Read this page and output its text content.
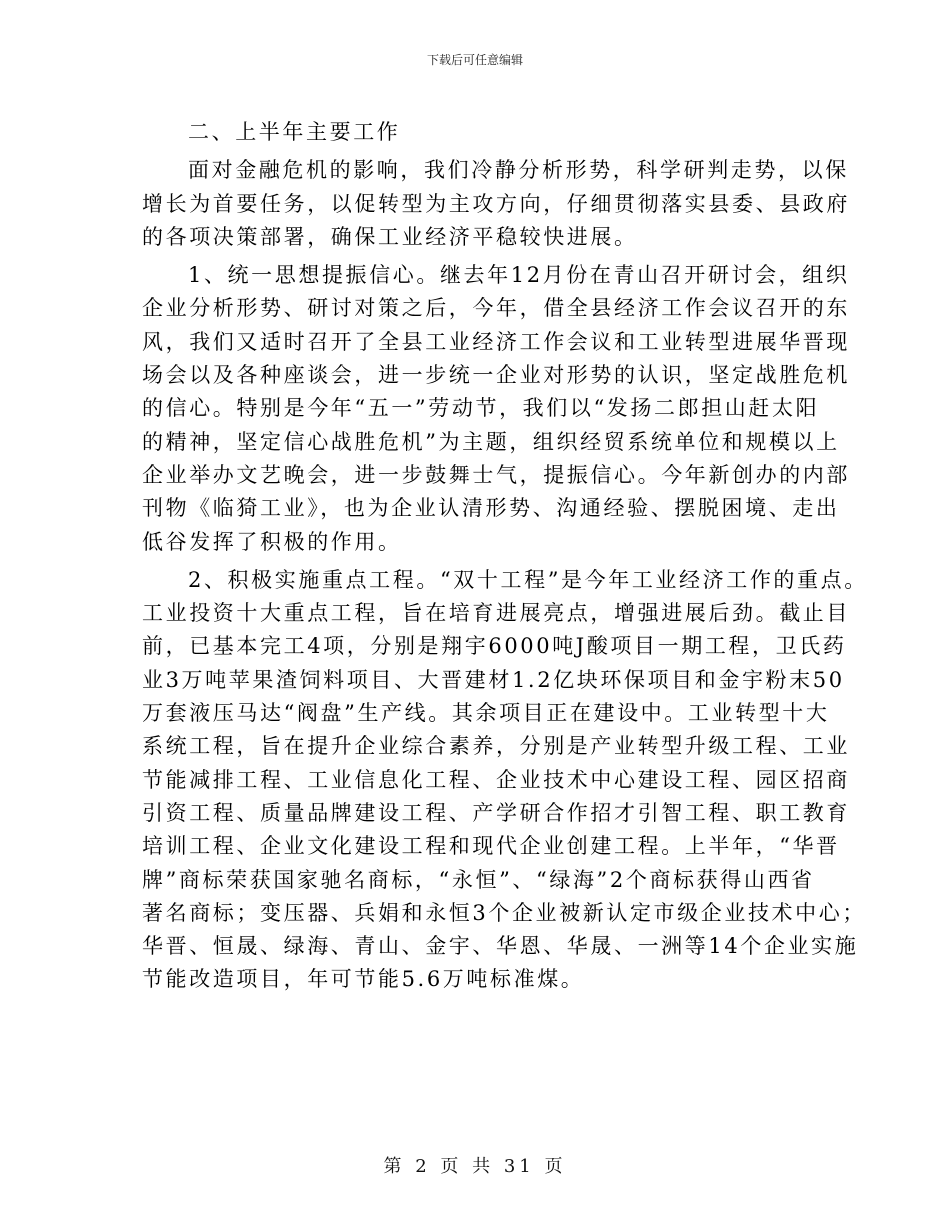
下载后可任意编辑
二、上半年主要工作
面对金融危机的影响，我们冷静分析形势，科学研判走势，以保
增长为首要任务，以促转型为主攻方向，仔细贯彻落实县委、县政府
的各项决策部署，确保工业经济平稳较快进展。
1、统一思想提振信心。继去年12月份在青山召开研讨会，组织
企业分析形势、研讨对策之后，今年，借全县经济工作会议召开的东
风，我们又适时召开了全县工业经济工作会议和工业转型进展华晋现
场会以及各种座谈会，进一步统一企业对形势的认识，坚定战胜危机
的信心。特别是今年“五一”劳动节，我们以“发扬二郎担山赶太阳
的精神，坚定信心战胜危机”为主题，组织经贸系统单位和规模以上
企业举办文艺晚会，进一步鼓舞士气，提振信心。今年新创办的内部
刊物《临猗工业》，也为企业认清形势、沟通经验、摆脱困境、走出
低谷发挥了积极的作用。
2、积极实施重点工程。“双十工程”是今年工业经济工作的重点。
工业投资十大重点工程，旨在培育进展亮点，增强进展后劲。截止目
前，已基本完工4项，分别是翔宇6000吨J酸项目一期工程，卫氏药
业3万吨苹果渣饲料项目、大晋建材1.2亿块环保项目和金宇粉末50
万套液压马达“阀盘”生产线。其余项目正在建设中。工业转型十大
系统工程，旨在提升企业综合素养，分别是产业转型升级工程、工业
节能减排工程、工业信息化工程、企业技术中心建设工程、园区招商
引资工程、质量品牌建设工程、产学研合作招才引智工程、职工教育
培训工程、企业文化建设工程和现代企业创建工程。上半年，“华晋
牌”商标荣获国家驰名商标，“永恒”、“绿海”2个商标获得山西省
著名商标；变压器、兵娟和永恒3个企业被新认定市级企业技术中心；
华晋、恒晟、绿海、青山、金宇、华恩、华晟、一洲等14个企业实施
节能改造项目，年可节能5.6万吨标准煤。
第 2 页 共 31 页
